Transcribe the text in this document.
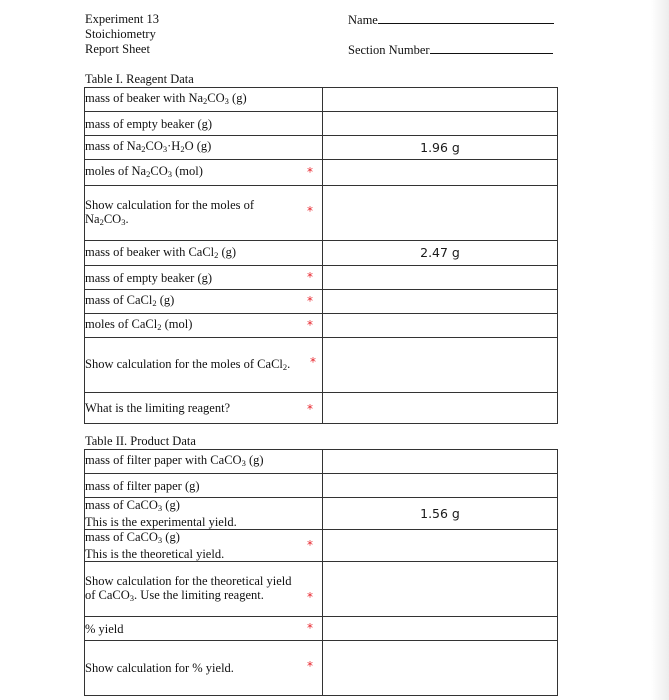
Experiment 13
Stoichiometry
Report Sheet
Name
Section Number
Table I. Reagent Data
mass of beaker with $Na_2CO_3$ (g)	

mass of empty beaker (g)	

mass of $Na_2CO_3\cdot H_2O$ (g)	1.96 g
moles of $Na_2CO_3$ (mol) *	

Show calculation for the moles of
$Na_2CO_3$.
*	

mass of beaker with CaCl$_2$ (g)	2.47 g

mass of empty beaker (g) *	

mass of CaCl$_2$ (g) *	

moles of CaCl$_2$ (mol) *	

Show calculation for the moles of CaCl$_2$. *	

What is the limiting reagent? *	

Table II. Product Data
mass of filter paper with CaCO$_3$ (g)	

mass of filter paper (g)	

mass of CaCO$_3$ (g)
This is the experimental yield.	1.56 g

mass of CaCO$_3$ (g)
This is the theoretical yield.
*	

Show calculation for the theoretical yield
of CaCO$_3$. Use the limiting reagent. *	

% yield *	

Show calculation for % yield. *	
